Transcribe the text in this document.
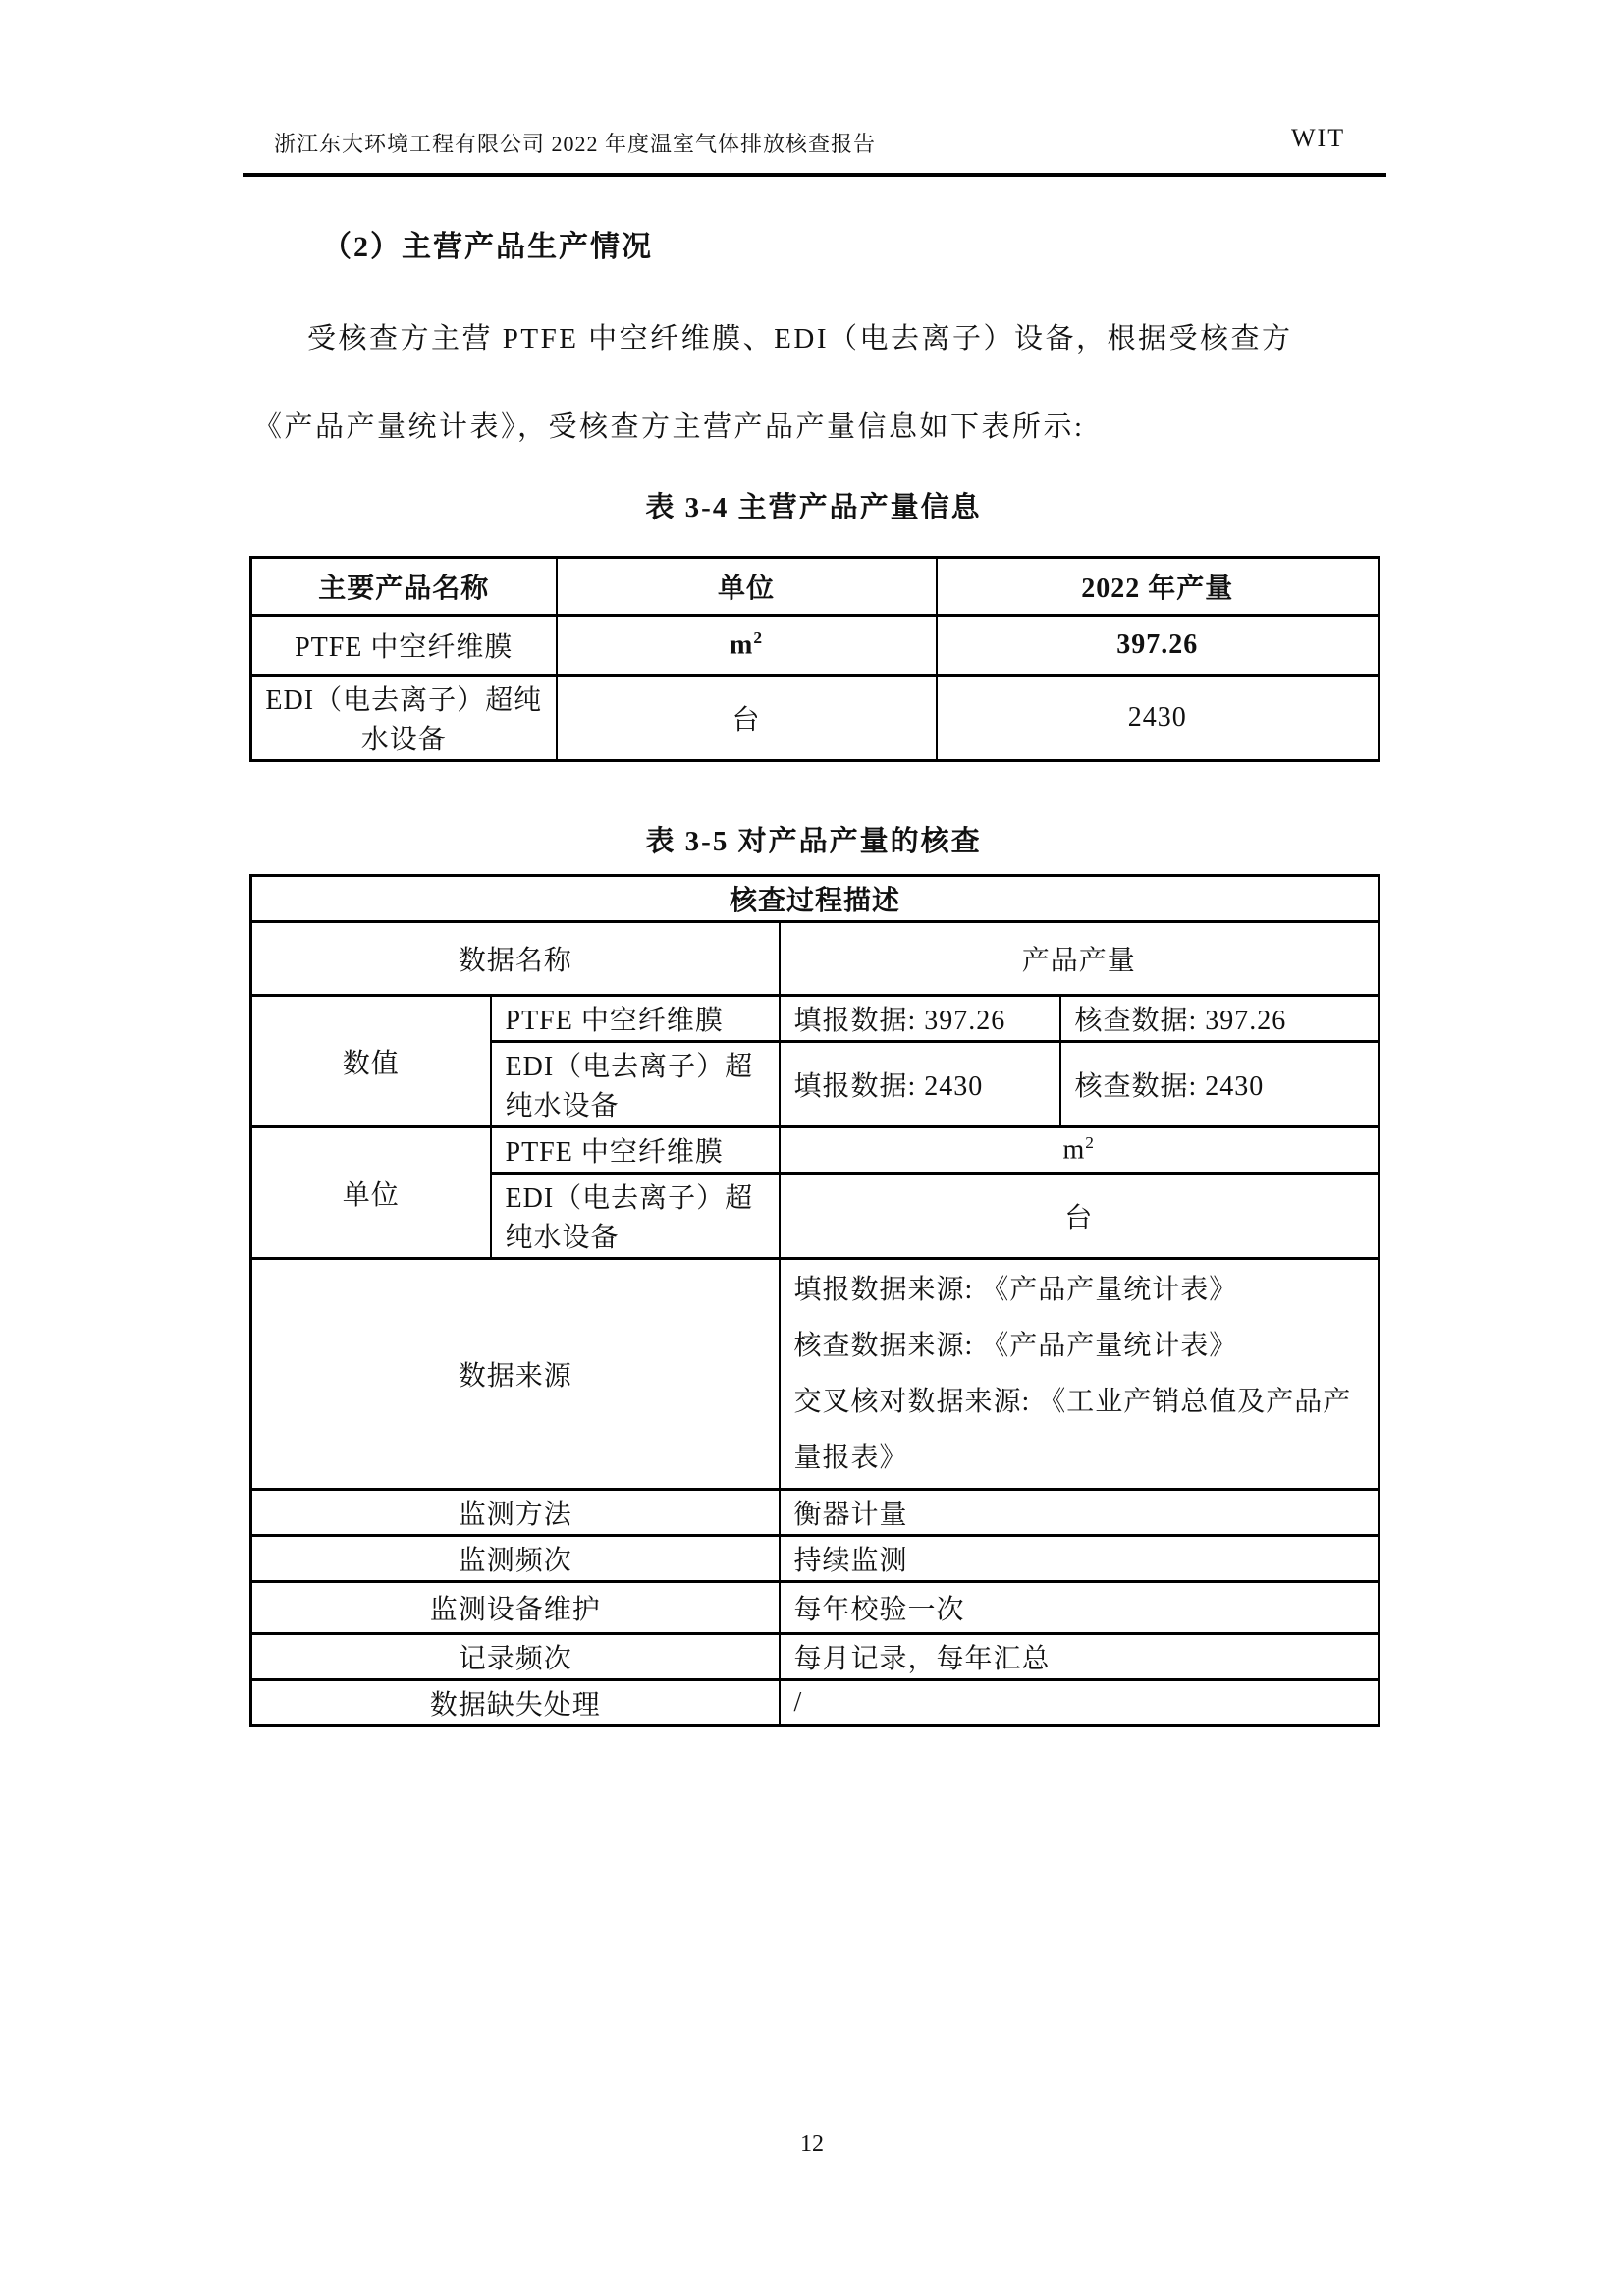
浙江东大环境工程有限公司 2022 年度温室气体排放核查报告	WIT
（2）主营产品生产情况
受核查方主营 PTFE 中空纤维膜、EDI（电去离子）设备，根据受核查方
《产品产量统计表》，受核查方主营产品产量信息如下表所示:
表 3-4 主营产品产量信息
主要产品名称	单位	2022 年产量
PTFE 中空纤维膜	$m^2$	397.26
EDI（电去离子）超纯水设备	台	2430
表 3-5 对产品产量的核查
核查过程描述			
数据名称		产品产量	
数值	PTFE 中空纤维膜	填报数据: 397.26	核查数据: 397.26
	EDI（电去离子）超纯水设备	填报数据: 2430	核查数据: 2430
单位	PTFE 中空纤维膜	$m^2$
	EDI（电去离子）超纯水设备	台	
数据来源		填报数据来源: 《产品产量统计表》
核查数据来源: 《产品产量统计表》
交叉核对数据来源: 《工业产销总值及产品产
量报表》	

监测方法		衡器计量	
监测频次		持续监测	
监测设备维护		每年校验一次	
记录频次		每月记录，每年汇总	
数据缺失处理		/	
12
